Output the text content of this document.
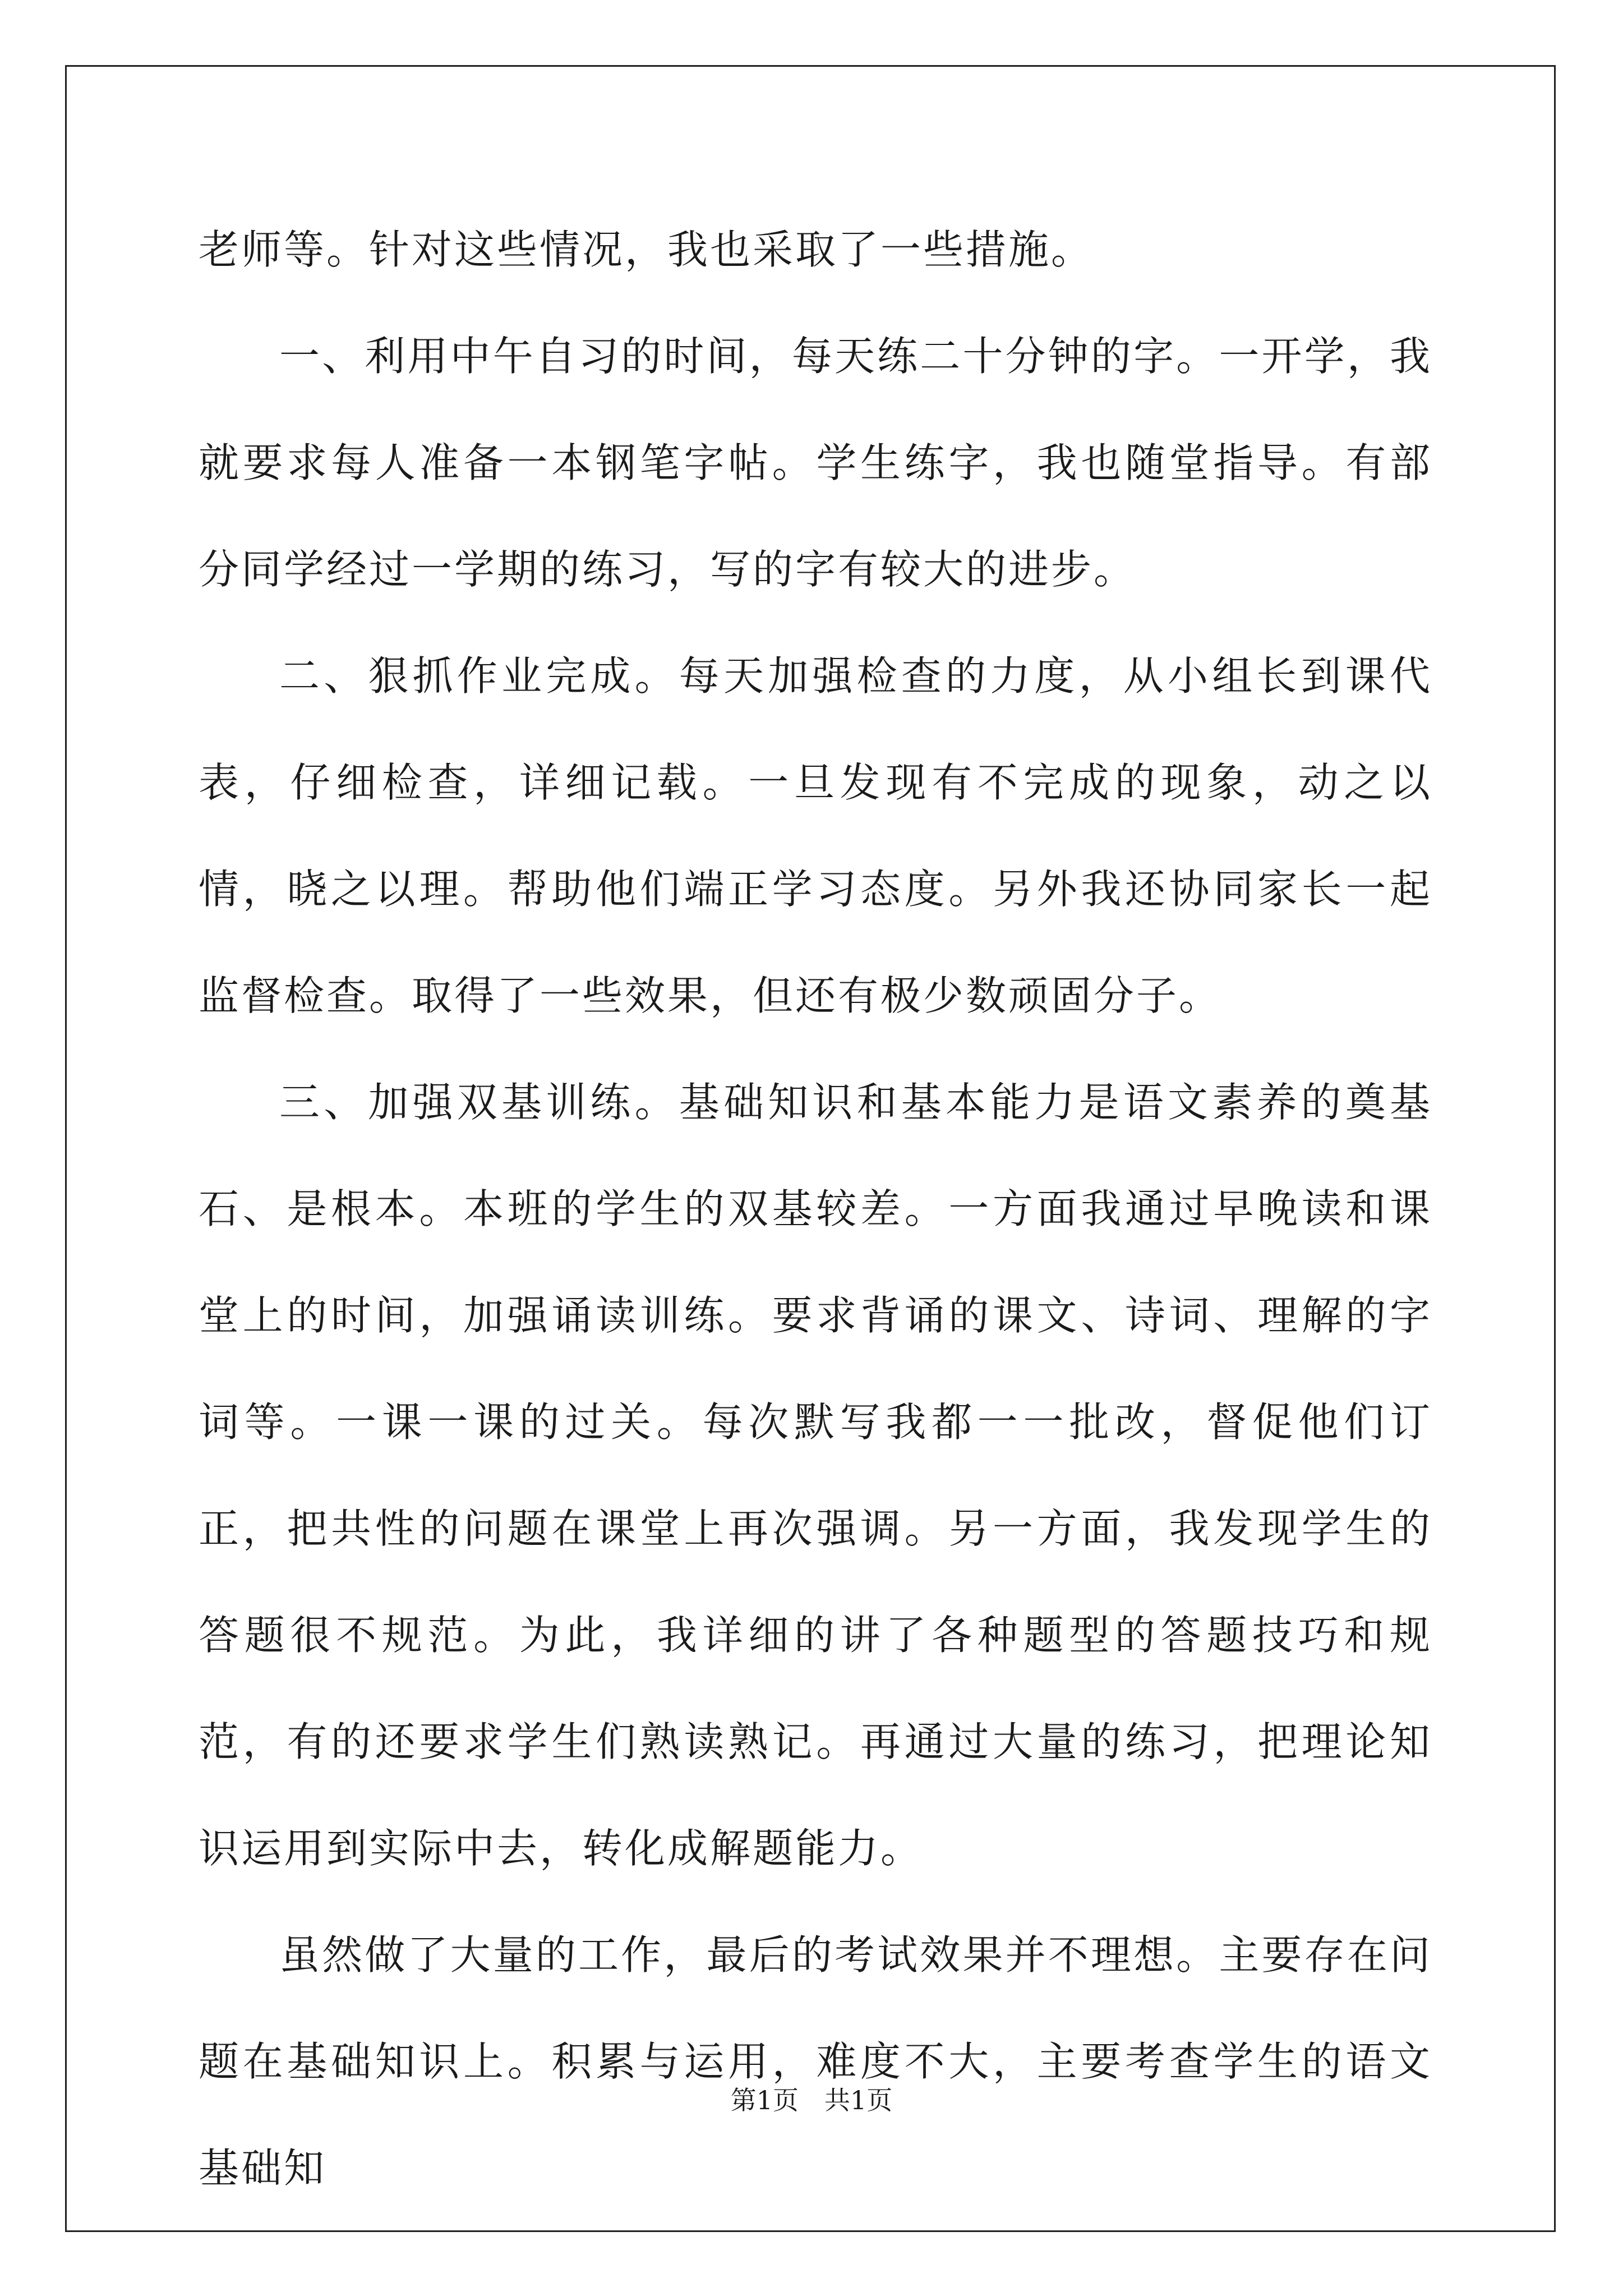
老师等。针对这些情况，我也采取了一些措施。

一、利用中午自习的时间，每天练二十分钟的字。一开学，我就要求每人准备一本钢笔字帖。学生练字，我也随堂指导。有部分同学经过一学期的练习，写的字有较大的进步。

二、狠抓作业完成。每天加强检查的力度，从小组长到课代表，仔细检查，详细记载。一旦发现有不完成的现象，动之以情，晓之以理。帮助他们端正学习态度。另外我还协同家长一起监督检查。取得了一些效果，但还有极少数顽固分子。

三、加强双基训练。基础知识和基本能力是语文素养的奠基石、是根本。本班的学生的双基较差。一方面我通过早晚读和课堂上的时间，加强诵读训练。要求背诵的课文、诗词、理解的字词等。一课一课的过关。每次默写我都一一批改，督促他们订正，把共性的问题在课堂上再次强调。另一方面，我发现学生的答题很不规范。为此，我详细的讲了各种题型的答题技巧和规范，有的还要求学生们熟读熟记。再通过大量的练习，把理论知识运用到实际中去，转化成解题能力。

虽然做了大量的工作，最后的考试效果并不理想。主要存在问题在基础知识上。积累与运用，难度不大，主要考查学生的语文基础知

第1页　共1页
